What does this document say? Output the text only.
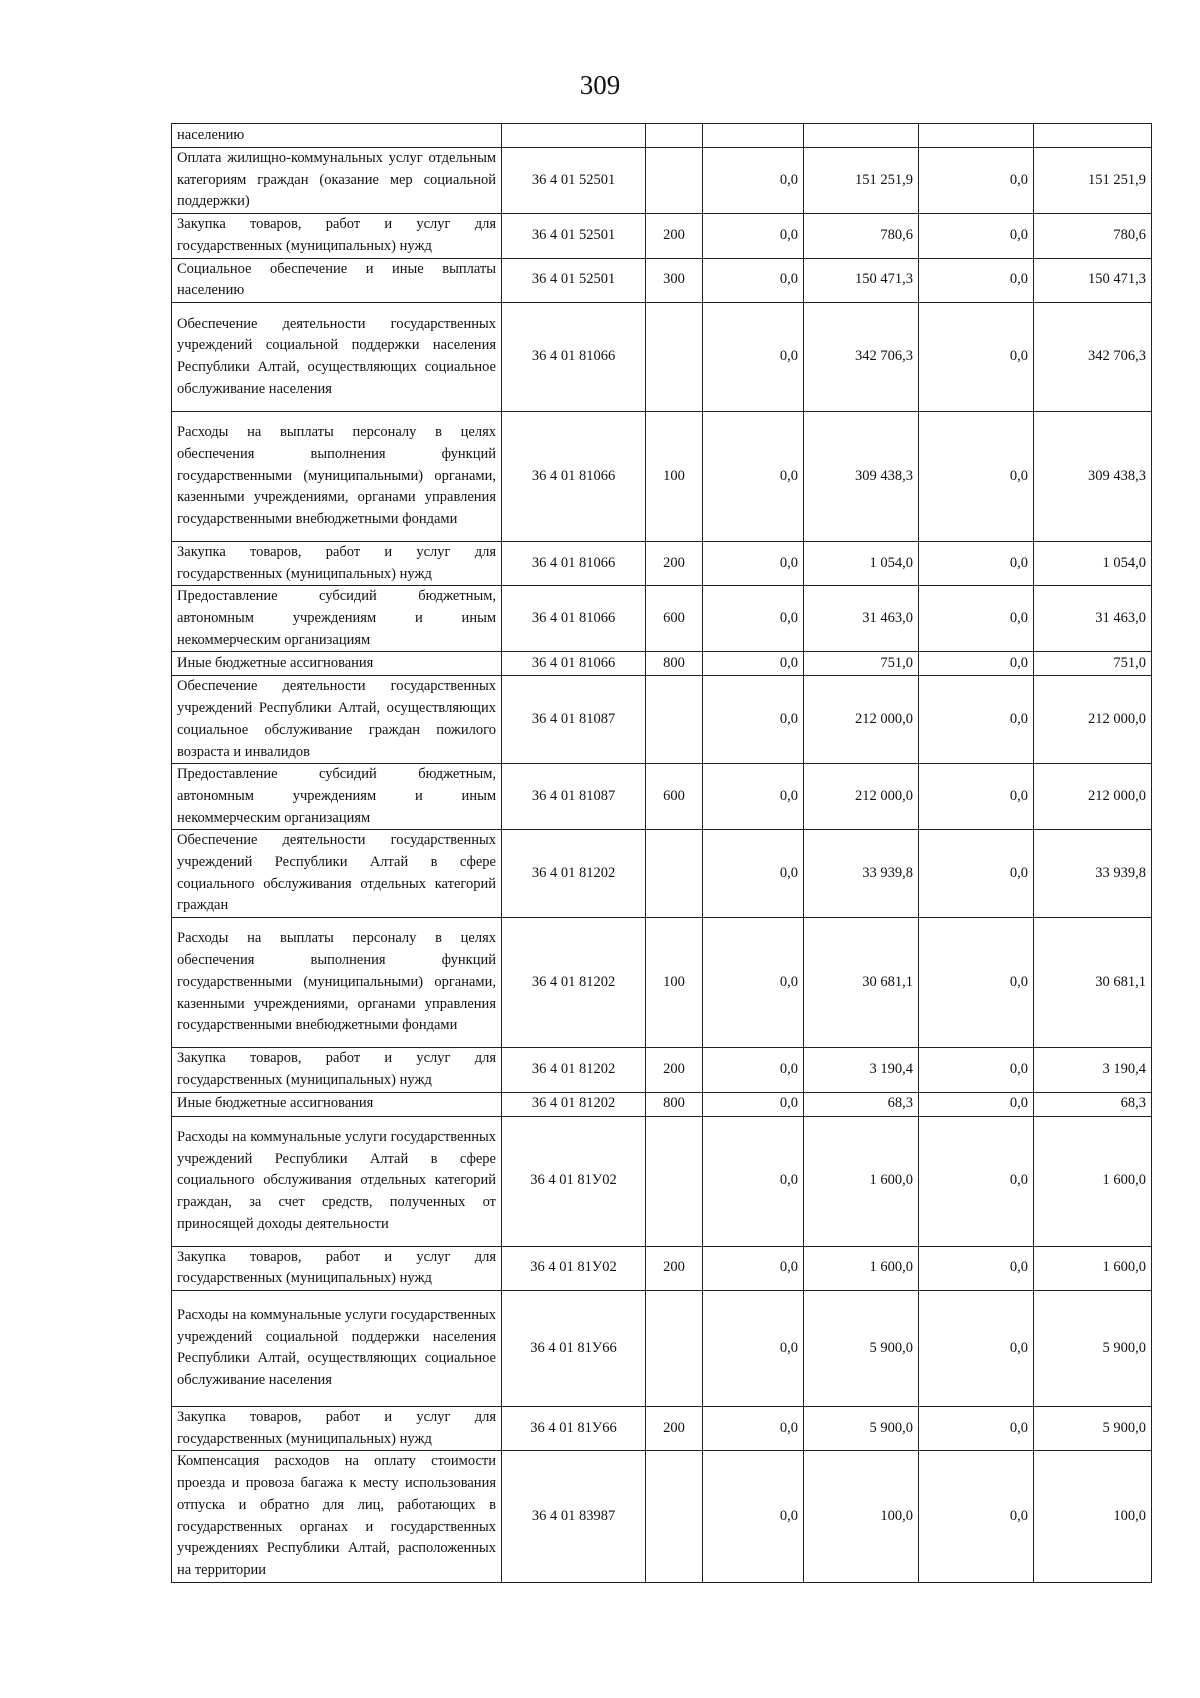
309
населению						
Оплата жилищно-коммунальных услуг отдельным категориям граждан (оказание мер социальной поддержки)	36 4 01 52501		0,0	151 251,9	0,0	151 251,9
Закупка товаров, работ и услуг для государственных (муниципальных) нужд	36 4 01 52501	200	0,0	780,6	0,0	780,6
Социальное обеспечение и иные выплаты населению	36 4 01 52501	300	0,0	150 471,3	0,0	150 471,3
Обеспечение деятельности государственных учреждений социальной поддержки населения Республики Алтай, осуществляющих социальное обслуживание населения	36 4 01 81066		0,0	342 706,3	0,0	342 706,3
Расходы на выплаты персоналу в целях обеспечения выполнения функций государственными (муниципальными) органами, казенными учреждениями, органами управления государственными внебюджетными фондами	36 4 01 81066	100	0,0	309 438,3	0,0	309 438,3
Закупка товаров, работ и услуг для государственных (муниципальных) нужд	36 4 01 81066	200	0,0	1 054,0	0,0	1 054,0
Предоставление субсидий бюджетным, автономным учреждениям и иным некоммерческим организациям	36 4 01 81066	600	0,0	31 463,0	0,0	31 463,0
Иные бюджетные ассигнования	36 4 01 81066	800	0,0	751,0	0,0	751,0
Обеспечение деятельности государственных учреждений Республики Алтай, осуществляющих социальное обслуживание граждан пожилого возраста и инвалидов	36 4 01 81087		0,0	212 000,0	0,0	212 000,0
Предоставление субсидий бюджетным, автономным учреждениям и иным некоммерческим организациям	36 4 01 81087	600	0,0	212 000,0	0,0	212 000,0
Обеспечение деятельности государственных учреждений Республики Алтай в сфере социального обслуживания отдельных категорий граждан	36 4 01 81202		0,0	33 939,8	0,0	33 939,8
Расходы на выплаты персоналу в целях обеспечения выполнения функций государственными (муниципальными) органами, казенными учреждениями, органами управления государственными внебюджетными фондами	36 4 01 81202	100	0,0	30 681,1	0,0	30 681,1
Закупка товаров, работ и услуг для государственных (муниципальных) нужд	36 4 01 81202	200	0,0	3 190,4	0,0	3 190,4
Иные бюджетные ассигнования	36 4 01 81202	800	0,0	68,3	0,0	68,3
Расходы на коммунальные услуги государственных учреждений Республики Алтай в сфере социального обслуживания отдельных категорий граждан, за счет средств, полученных от приносящей доходы деятельности	36 4 01 81У02		0,0	1 600,0	0,0	1 600,0
Закупка товаров, работ и услуг для государственных (муниципальных) нужд	36 4 01 81У02	200	0,0	1 600,0	0,0	1 600,0
Расходы на коммунальные услуги государственных учреждений социальной поддержки населения Республики Алтай, осуществляющих социальное обслуживание населения	36 4 01 81У66		0,0	5 900,0	0,0	5 900,0
Закупка товаров, работ и услуг для государственных (муниципальных) нужд	36 4 01 81У66	200	0,0	5 900,0	0,0	5 900,0
Компенсация расходов на оплату стоимости проезда и провоза багажа к месту использования отпуска и обратно для лиц, работающих в государственных органах и государственных учреждениях Республики Алтай, расположенных на территории	36 4 01 83987		0,0	100,0	0,0	100,0
